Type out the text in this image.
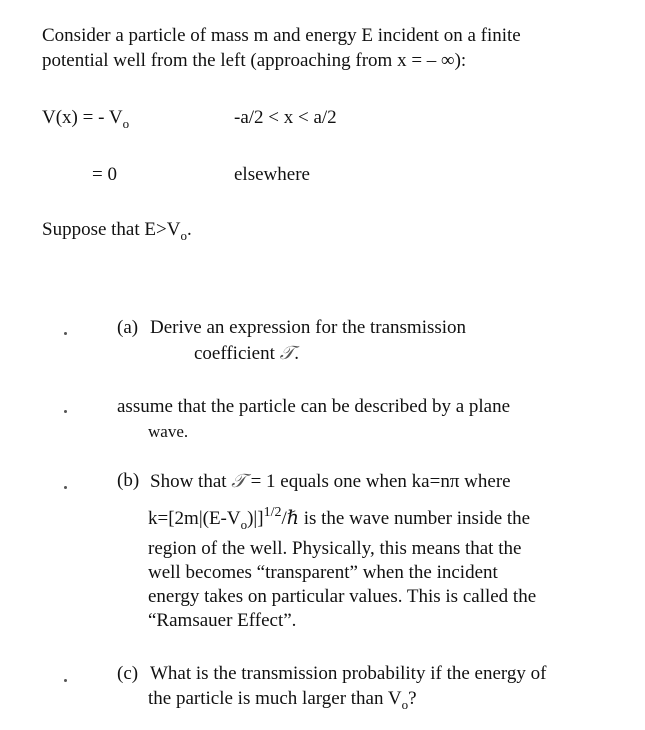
Consider a particle of mass m and energy E incident on a finite
potential well from the left (approaching from x = – ∞):
V(x) = - $V_o$	-a/2 < x < a/2
= 0	elsewhere
Suppose that $E>V_o$.
(a) Derive an expression for the transmission
coefficient 𝒯.
assume that the particle can be described by a plane
wave.
(b) Show that 𝒯 = 1 equals one when ka=nπ where
$k=[2m|(E-V_o)|]^{1/2}/\hbar$ is the wave number inside the
region of the well. Physically, this means that the
well becomes “transparent” when the incident
energy takes on particular values. This is called the
“Ramsauer Effect”.
(c) What is the transmission probability if the energy of
the particle is much larger than $V_o$?
